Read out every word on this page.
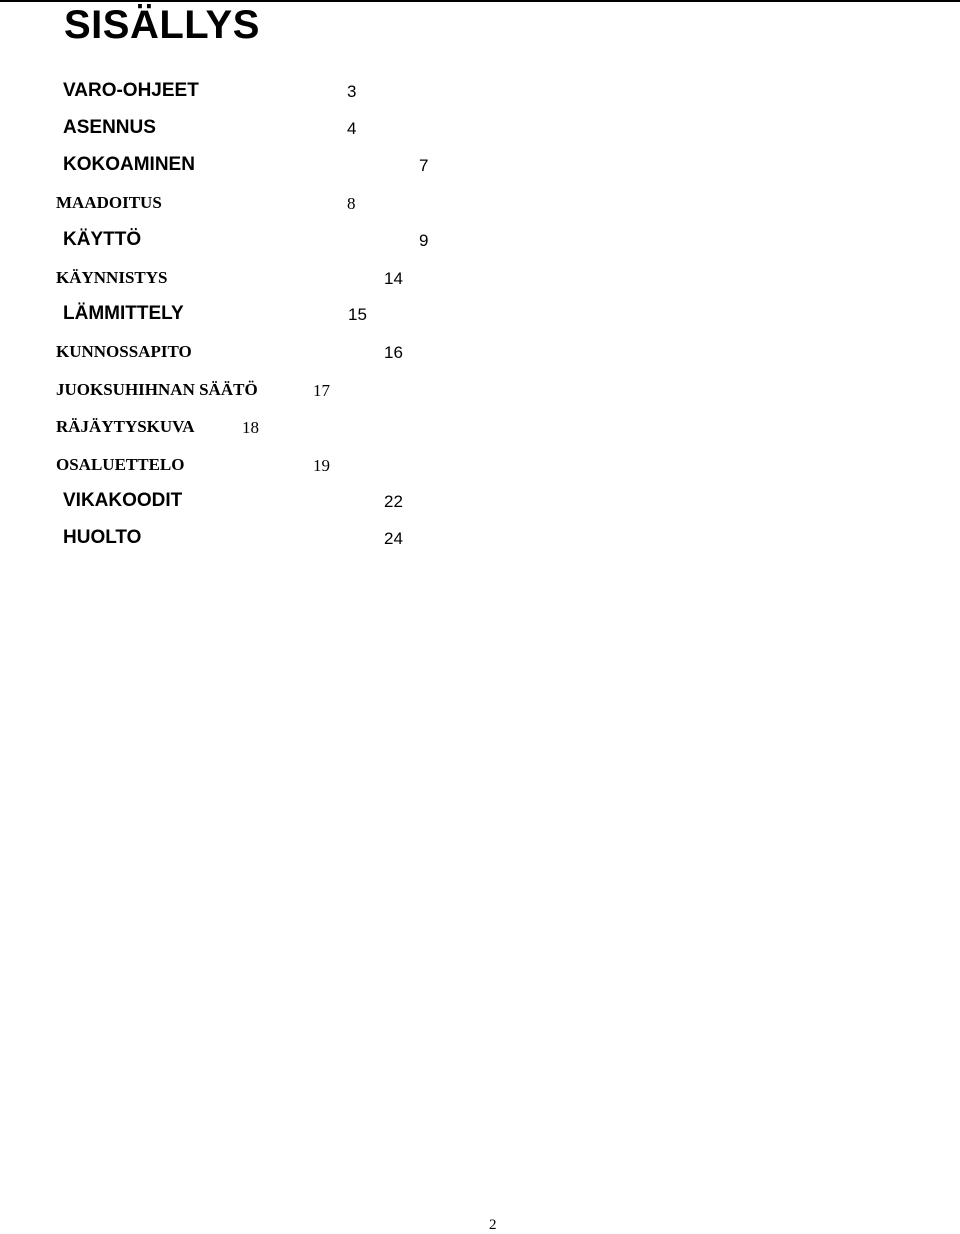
SISÄLLYS
VARO-OHJEET	3
ASENNUS	4
KOKOAMINEN	7
MAADOITUS	8
KÄYTTÖ	9
KÄYNNISTYS	14
LÄMMITTELY	15
KUNNOSSAPITO	16
JUOKSUHIHNAN SÄÄTÖ	17
RÄJÄYTYSKUVA	18
OSALUETTELO	19
VIKAKOODIT	22
HUOLTO	24
2
